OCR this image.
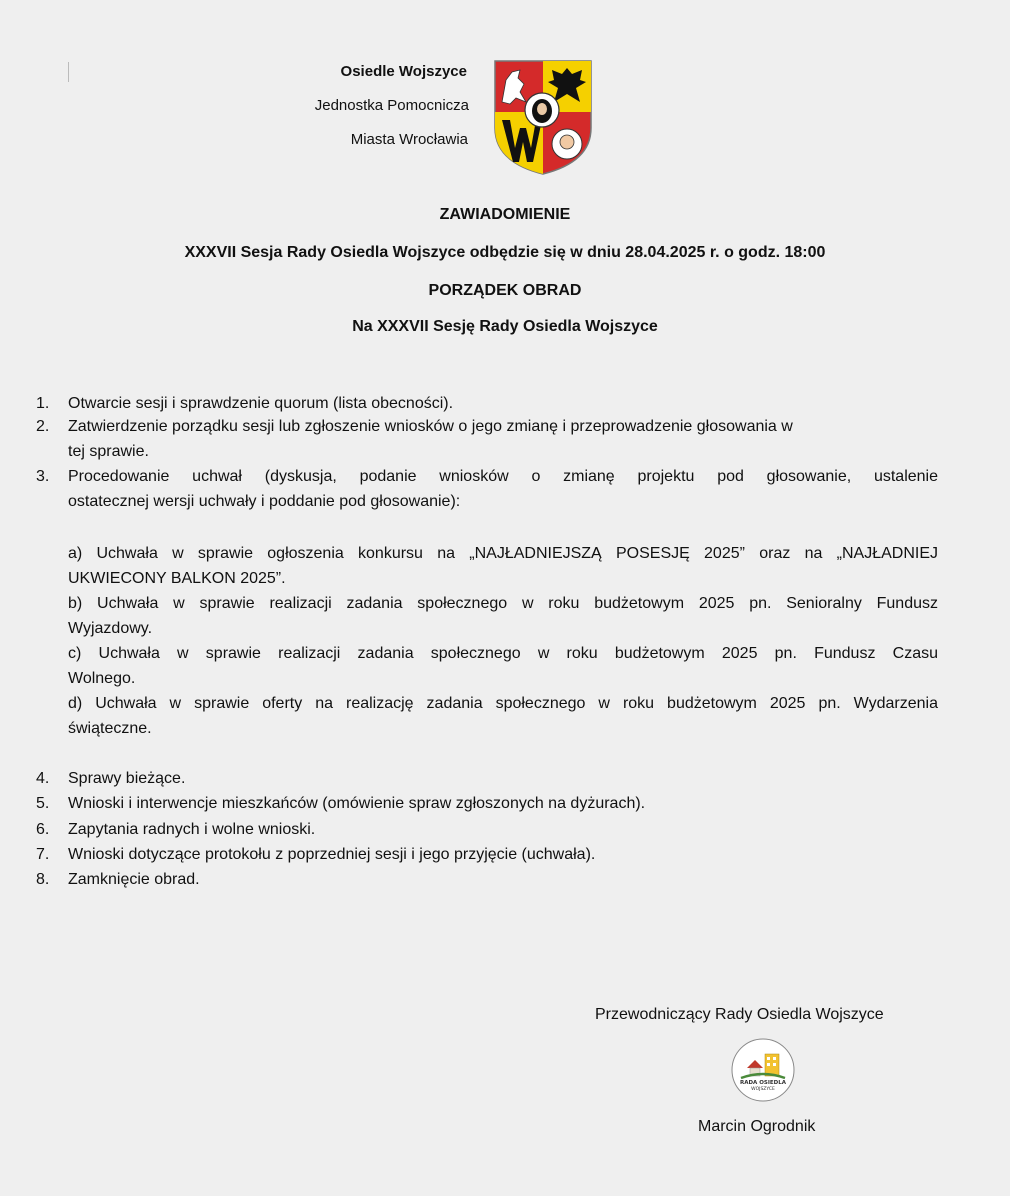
Osiedle Wojszyce
Jednostka Pomocnicza
Miasta Wrocławia
ZAWIADOMIENIE
XXXVII Sesja Rady Osiedla Wojszyce odbędzie się w dniu 28.04.2025 r. o godz. 18:00
PORZĄDEK OBRAD
Na XXXVII Sesję Rady Osiedla Wojszyce
1.	Otwarcie sesji i sprawdzenie quorum (lista obecności).
2.	Zatwierdzenie porządku sesji lub zgłoszenie wniosków o jego zmianę i przeprowadzenie głosowania w
tej sprawie.
3.	Procedowanie uchwał (dyskusja, podanie wniosków o zmianę projektu pod głosowanie, ustalenie
ostatecznej wersji uchwały i poddanie pod głosowanie):
a) Uchwała w sprawie ogłoszenia konkursu na „NAJŁADNIEJSZĄ POSESJĘ 2025” oraz na „NAJŁADNIEJ
UKWIECONY BALKON 2025”.
b) Uchwała w sprawie realizacji zadania społecznego w roku budżetowym 2025 pn. Senioralny Fundusz
Wyjazdowy.
c) Uchwała w sprawie realizacji zadania społecznego w roku budżetowym 2025 pn. Fundusz Czasu
Wolnego.
d) Uchwała w sprawie oferty na realizację zadania społecznego w roku budżetowym 2025 pn. Wydarzenia
świąteczne.
4.	Sprawy bieżące.
5.	Wnioski i interwencje mieszkańców (omówienie spraw zgłoszonych na dyżurach).
6.	Zapytania radnych i wolne wnioski.
7.	Wnioski dotyczące protokołu z poprzedniej sesji i jego przyjęcie (uchwała).
8.	Zamknięcie obrad.
Przewodniczący Rady Osiedla Wojszyce
RADA OSIEDLA
WOJSZYCE
Marcin Ogrodnik
